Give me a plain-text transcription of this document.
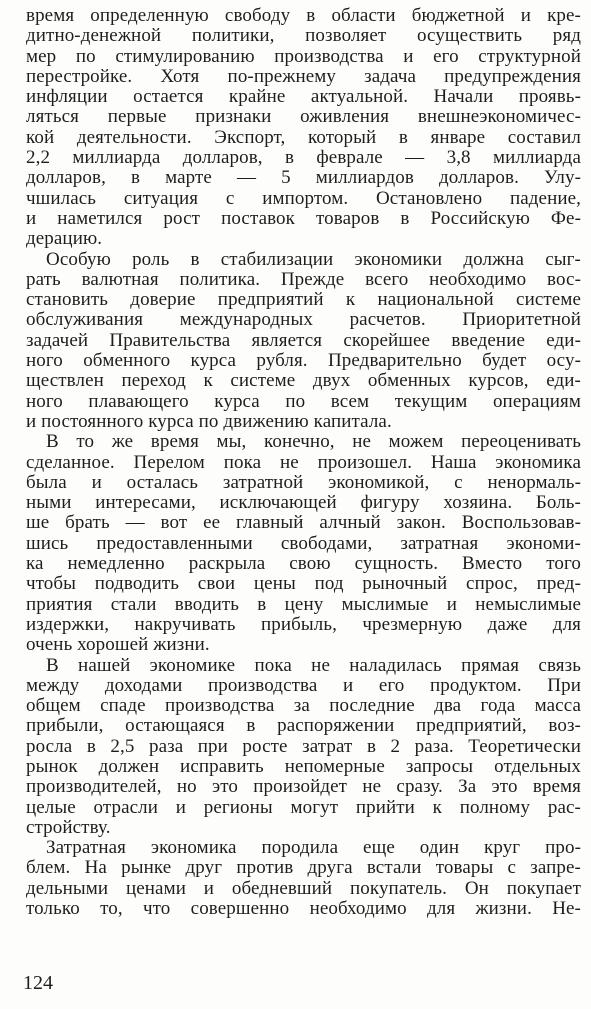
время определенную свободу в области бюджетной и кре-
дитно-денежной политики, позволяет осуществить ряд
мер по стимулированию производства и его структурной
перестройке. Хотя по-прежнему задача предупреждения
инфляции остается крайне актуальной. Начали проявь-
ляться первые признаки оживления внешнеэкономичес-
кой деятельности. Экспорт, который в январе составил
2,2 миллиарда долларов, в феврале — 3,8 миллиарда
долларов, в марте — 5 миллиардов долларов. Улу-
чшилась ситуация с импортом. Остановлено падение,
и наметился рост поставок товаров в Российскую Фе-
дерацию.
Особую роль в стабилизации экономики должна сыг-
рать валютная политика. Прежде всего необходимо вос-
становить доверие предприятий к национальной системе
обслуживания международных расчетов. Приоритетной
задачей Правительства является скорейшее введение еди-
ного обменного курса рубля. Предварительно будет осу-
ществлен переход к системе двух обменных курсов, еди-
ного плавающего курса по всем текущим операциям
и постоянного курса по движению капитала.
В то же время мы, конечно, не можем переоценивать
сделанное. Перелом пока не произошел. Наша экономика
была и осталась затратной экономикой, с ненормаль-
ными интересами, исключающей фигуру хозяина. Боль-
ше брать — вот ее главный алчный закон. Воспользовав-
шись предоставленными свободами, затратная экономи-
ка немедленно раскрыла свою сущность. Вместо того
чтобы подводить свои цены под рыночный спрос, пред-
приятия стали вводить в цену мыслимые и немыслимые
издержки, накручивать прибыль, чрезмерную даже для
очень хорошей жизни.
В нашей экономике пока не наладилась прямая связь
между доходами производства и его продуктом. При
общем спаде производства за последние два года масса
прибыли, остающаяся в распоряжении предприятий, воз-
росла в 2,5 раза при росте затрат в 2 раза. Теоретически
рынок должен исправить непомерные запросы отдельных
производителей, но это произойдет не сразу. За это время
целые отрасли и регионы могут прийти к полному рас-
стройству.
Затратная экономика породила еще один круг про-
блем. На рынке друг против друга встали товары с запре-
дельными ценами и обедневший покупатель. Он покупает
только то, что совершенно необходимо для жизни. Не-
124
